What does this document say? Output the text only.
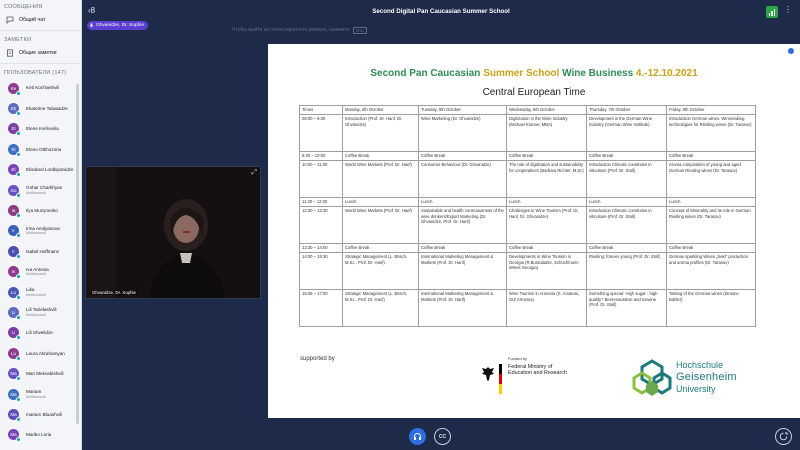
СООБЩЕНИЯ
Общий чат
ЗАМЕТКИ
Общие заметки
ПОЛЬЗОВАТЕЛИ (147)
Ke Keti Kochiashvili
Ek Ekaterine Tabatadze
El Elene Kvirkvelia
El Eleno Otkhozoria
El Elisabed Lordkipanidze
Go Gohar Charkhyan
Мобильный
Ia Ilya Muzynenko
Ir Irina Amilyanova
Мобильный
Ir Isabel Hoffmann
Iv Iva Antonia
Мобильный
Lo Lika
Мобильный
Li Lili Tarielashvili
Мобильный
Li Lili Shvelidze
Lu Laura Abrahamyan
Ma Mari Mekvabishvili
Ma Mariam
Мобильный
Ma mariam Bluashvili
Ma Mariko Loria
‹8	Second Digital Pan Caucasian Summer School
Ghvanidze, Dr. Sophie
⋮
Чтобы выйти из полноэкранного режима, нажмите	Esc
⤢
Ghvanidze, Dr. Sophie
Second Pan Caucasian Summer School Wine Business 4.-12.10.2021
Central European Time
Times	Monday, 4th October	Tuesday, 5th October	Wednesday, 6th October	Thursday, 7th October	Friday, 8th October
08:00 – 9:30	Introduction (Prof. Dr. Hanf, Dr. Ghvanidze)	Wine Marketing (Dr. Ghvanidze)	Digitization in the Wine Industry (Michael Kramer, MBA)	Development in the German Wine Industry (German Wine Institute)	Introduction German wines. Winemaking technologies for Riesling wines (Dr. Tarasov)
9:30 – 10:00	Coffee Break	Coffee Break	Coffee Break	Coffee Break	Coffee Break
10:00 – 11:30	World Wine Markets (Prof. Dr. Hanf)	Consumer Behaviour (Dr. Ghvanidze)	The role of digitization and sustainability for cooperatives (Barbara Richter, M.Sc)	Introduction Climatic constrains in viticulture (Prof. Dr. Stoll)	Aroma composition of young and aged German Riesling wines (Dr. Tarasov)
11:30 – 12:30	Lunch	Lunch	Lunch	Lunch	Lunch
12:30 – 13:30	World Wine Markets (Prof. Dr. Hanf)	Sustainable and health consciousness of the wine drinkers/Export Marketing (Dr. Ghvanidze, Prof. Dr. Hanf)	Challenges in Wine Tourism (Prof. Dr. Hanf, Dr. Ghvanidze)	Introduction Climatic constrains in viticulture (Prof. Dr. Stoll)	Concept of Minerality and its role in German Riesling wines (Dr. Tarasov)
13:30 – 14:00	Coffee Break	Coffee Break	Coffee Break	Coffee Break	Coffee Break
14:00 – 15:30	Strategic Management (L. Bösch, M.Sc., Prof. Dr. Hanf)	International Marketing Management & Markets (Prof. Dr. Hanf)	Developments in Wine Tourism in Georgia (R.Burduladze, Schuchmann Wines Georgia)	Riesling: forever young (Prof. Dr. Stoll)	German sparkling Wines „Sekt“ production and aroma profiles (Dr. Tarasov)
15:45 – 17:00	Strategic Management (L. Bösch, M.Sc., Prof. Dr. Hanf)	International Marketing Management & Markets (Prof. Dr. Hanf)	Wine Tourism in Armenia (S. Amatuni, GIZ Armenia)	Something special: High sugar - high quality? Beerenauslese and Icewine (Prof. Dr. Stoll)	Tasting of the German wines (Simone Bühler)
supported by	Funded by
Federal Ministry of Education and Research
Hochschule
Geisenheim
University
CC
